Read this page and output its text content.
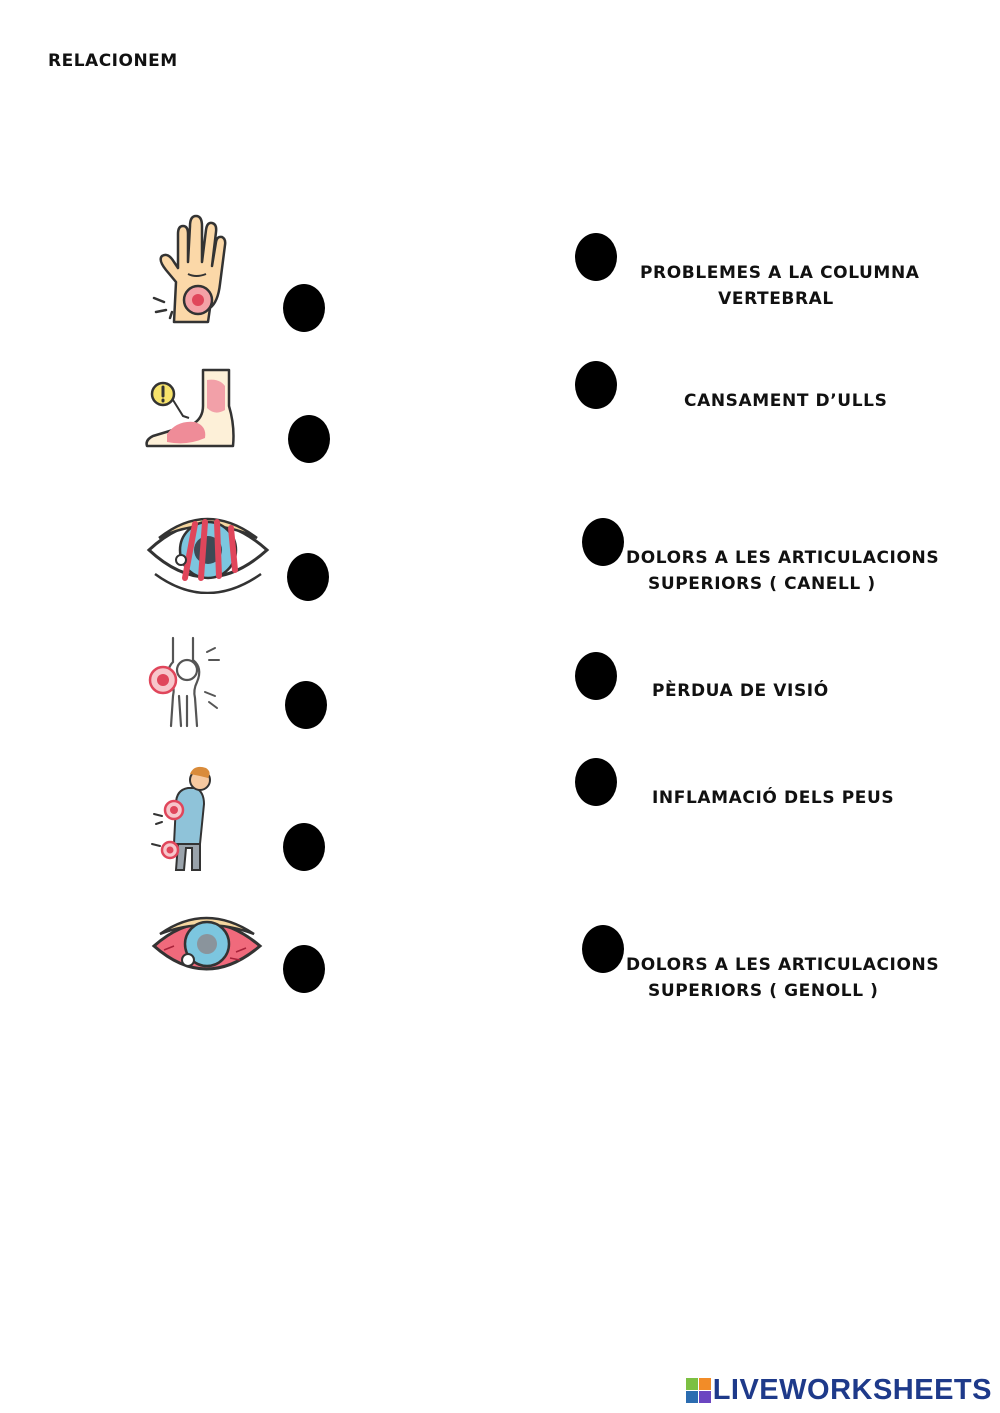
RELACIONEM
PROBLEMES A LA COLUMNA
VERTEBRAL
CANSAMENT D’ULLS
DOLORS A LES ARTICULACIONS
SUPERIORS ( CANELL )
PÈRDUA DE VISIÓ
INFLAMACIÓ DELS PEUS
DOLORS A LES ARTICULACIONS
SUPERIORS ( GENOLL )
LIVEWORKSHEETS
